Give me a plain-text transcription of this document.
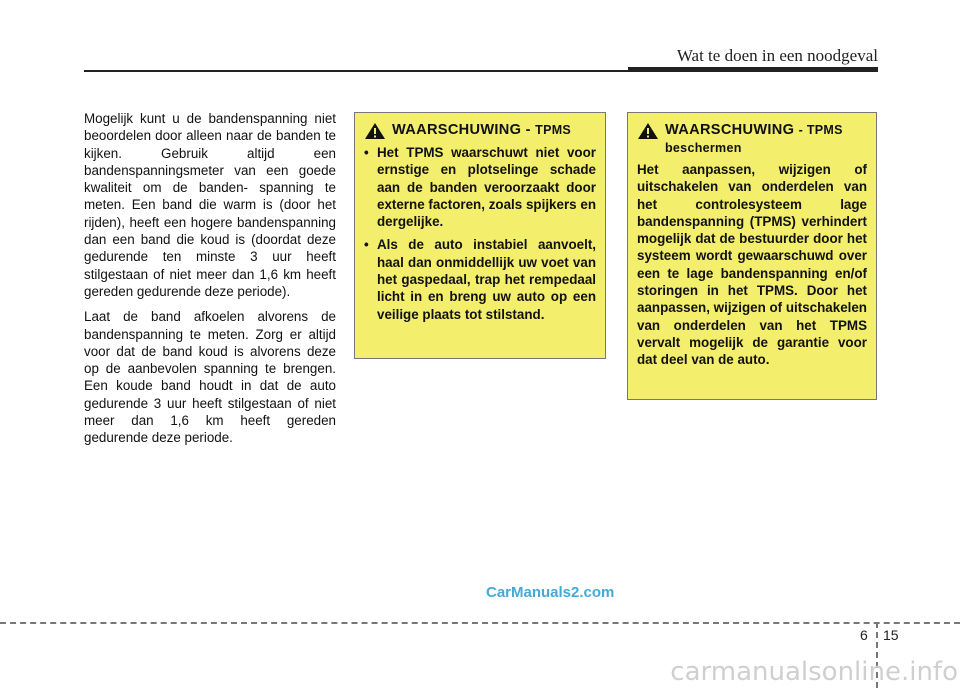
Wat te doen in een noodgeval

Mogelijk kunt u de bandenspanning niet beoordelen door alleen naar de banden te kijken. Gebruik altijd een bandenspanningsmeter van een goede kwaliteit om de banden- spanning te meten. Een band die warm is (door het rijden), heeft een hogere bandenspanning dan een band die koud is (doordat deze gedurende ten minste 3 uur heeft stilgestaan of niet meer dan 1,6 km heeft gereden gedurende deze periode).

Laat de band afkoelen alvorens de bandenspanning te meten. Zorg er altijd voor dat de band koud is alvorens deze op de aanbevolen spanning te brengen. Een koude band houdt in dat de auto gedurende 3 uur heeft stilgestaan of niet meer dan 1,6 km heeft gereden gedurende deze periode.

WAARSCHUWING - TPMS
• Het TPMS waarschuwt niet voor ernstige en plotselinge schade aan de banden veroorzaakt door externe factoren, zoals spijkers en dergelijke.
• Als de auto instabiel aanvoelt, haal dan onmiddellijk uw voet van het gaspedaal, trap het rempedaal licht in en breng uw auto op een veilige plaats tot stilstand.
WAARSCHUWING - TPMS
beschermen

Het aanpassen, wijzigen of uitschakelen van onderdelen van het controlesysteem lage bandenspanning (TPMS) verhindert mogelijk dat de bestuurder door het systeem wordt gewaarschuwd over een te lage bandenspanning en/of storingen in het TPMS. Door het aanpassen, wijzigen of uitschakelen van onderdelen van het TPMS vervalt mogelijk de garantie voor dat deel van de auto.

CarManuals2.com
6 15
carmanualsonline.info
